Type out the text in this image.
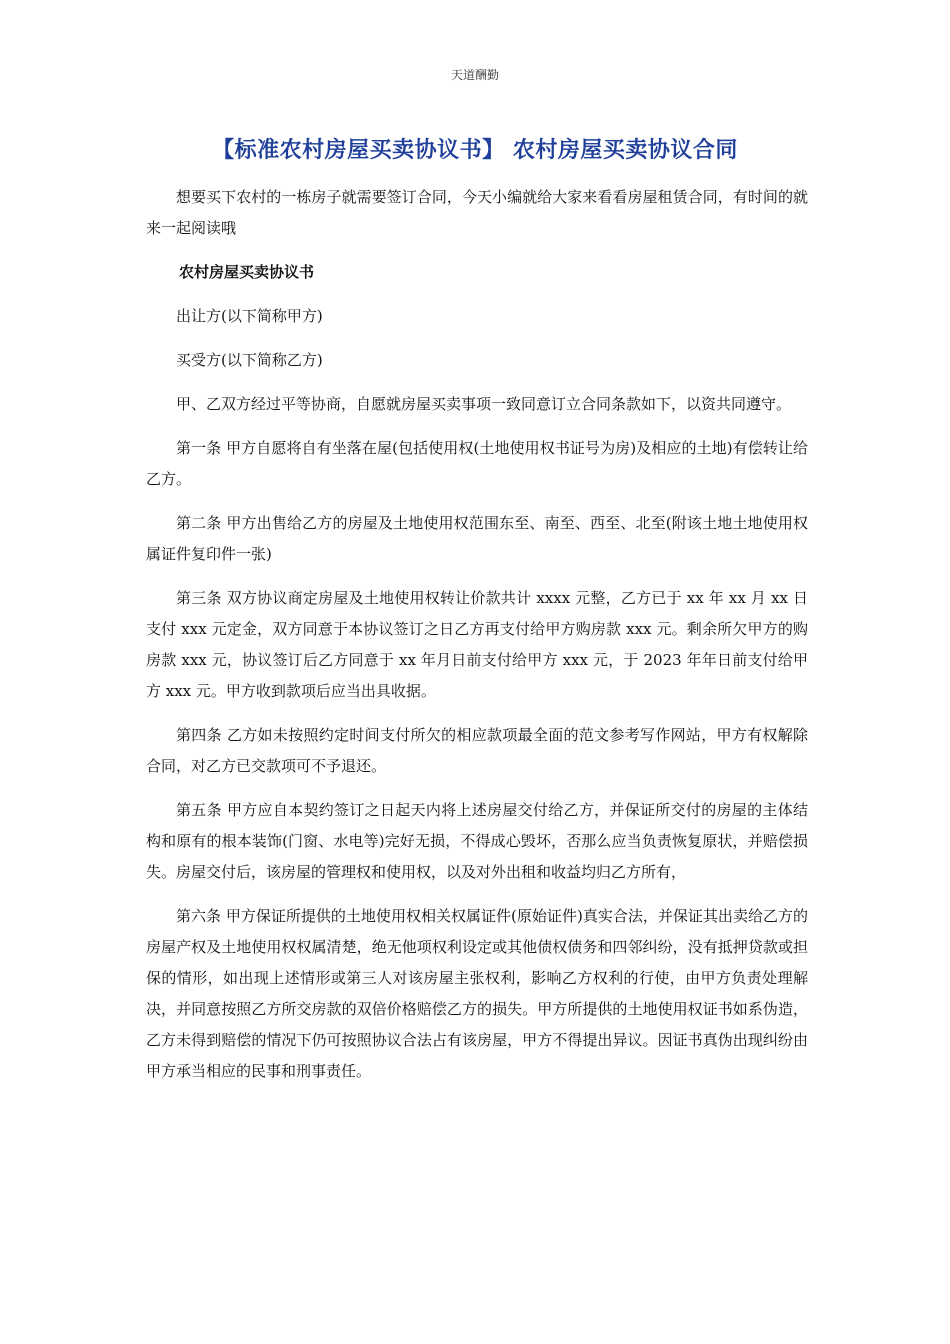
天道酬勤
【标准农村房屋买卖协议书】 农村房屋买卖协议合同

想要买下农村的一栋房子就需要签订合同，今天小编就给大家来看看房屋租赁合同，有时间的就来一起阅读哦

农村房屋买卖协议书

出让方(以下简称甲方)

买受方(以下简称乙方)

甲、乙双方经过平等协商，自愿就房屋买卖事项一致同意订立合同条款如下，以资共同遵守。

第一条 甲方自愿将自有坐落在屋(包括使用权(土地使用权书证号为房)及相应的土地)有偿转让给乙方。

第二条 甲方出售给乙方的房屋及土地使用权范围东至、南至、西至、北至(附该土地土地使用权属证件复印件一张)

第三条 双方协议商定房屋及土地使用权转让价款共计 xxxx 元整，乙方已于 xx 年 xx 月 xx 日支付 xxx 元定金，双方同意于本协议签订之日乙方再支付给甲方购房款 xxx 元。剩余所欠甲方的购房款 xxx 元，协议签订后乙方同意于 xx 年月日前支付给甲方 xxx 元，于 2023 年年日前支付给甲方 xxx 元。甲方收到款项后应当出具收据。

第四条 乙方如未按照约定时间支付所欠的相应款项最全面的范文参考写作网站，甲方有权解除合同，对乙方已交款项可不予退还。

第五条 甲方应自本契约签订之日起天内将上述房屋交付给乙方，并保证所交付的房屋的主体结构和原有的根本装饰(门窗、水电等)完好无损，不得成心毁坏，否那么应当负责恢复原状，并赔偿损失。房屋交付后，该房屋的管理权和使用权，以及对外出租和收益均归乙方所有，

第六条 甲方保证所提供的土地使用权相关权属证件(原始证件)真实合法，并保证其出卖给乙方的房屋产权及土地使用权权属清楚，绝无他项权利设定或其他债权债务和四邻纠纷，没有抵押贷款或担保的情形，如出现上述情形或第三人对该房屋主张权利，影响乙方权利的行使，由甲方负责处理解决，并同意按照乙方所交房款的双倍价格赔偿乙方的损失。甲方所提供的土地使用权证书如系伪造，乙方未得到赔偿的情况下仍可按照协议合法占有该房屋，甲方不得提出异议。因证书真伪出现纠纷由甲方承当相应的民事和刑事责任。
